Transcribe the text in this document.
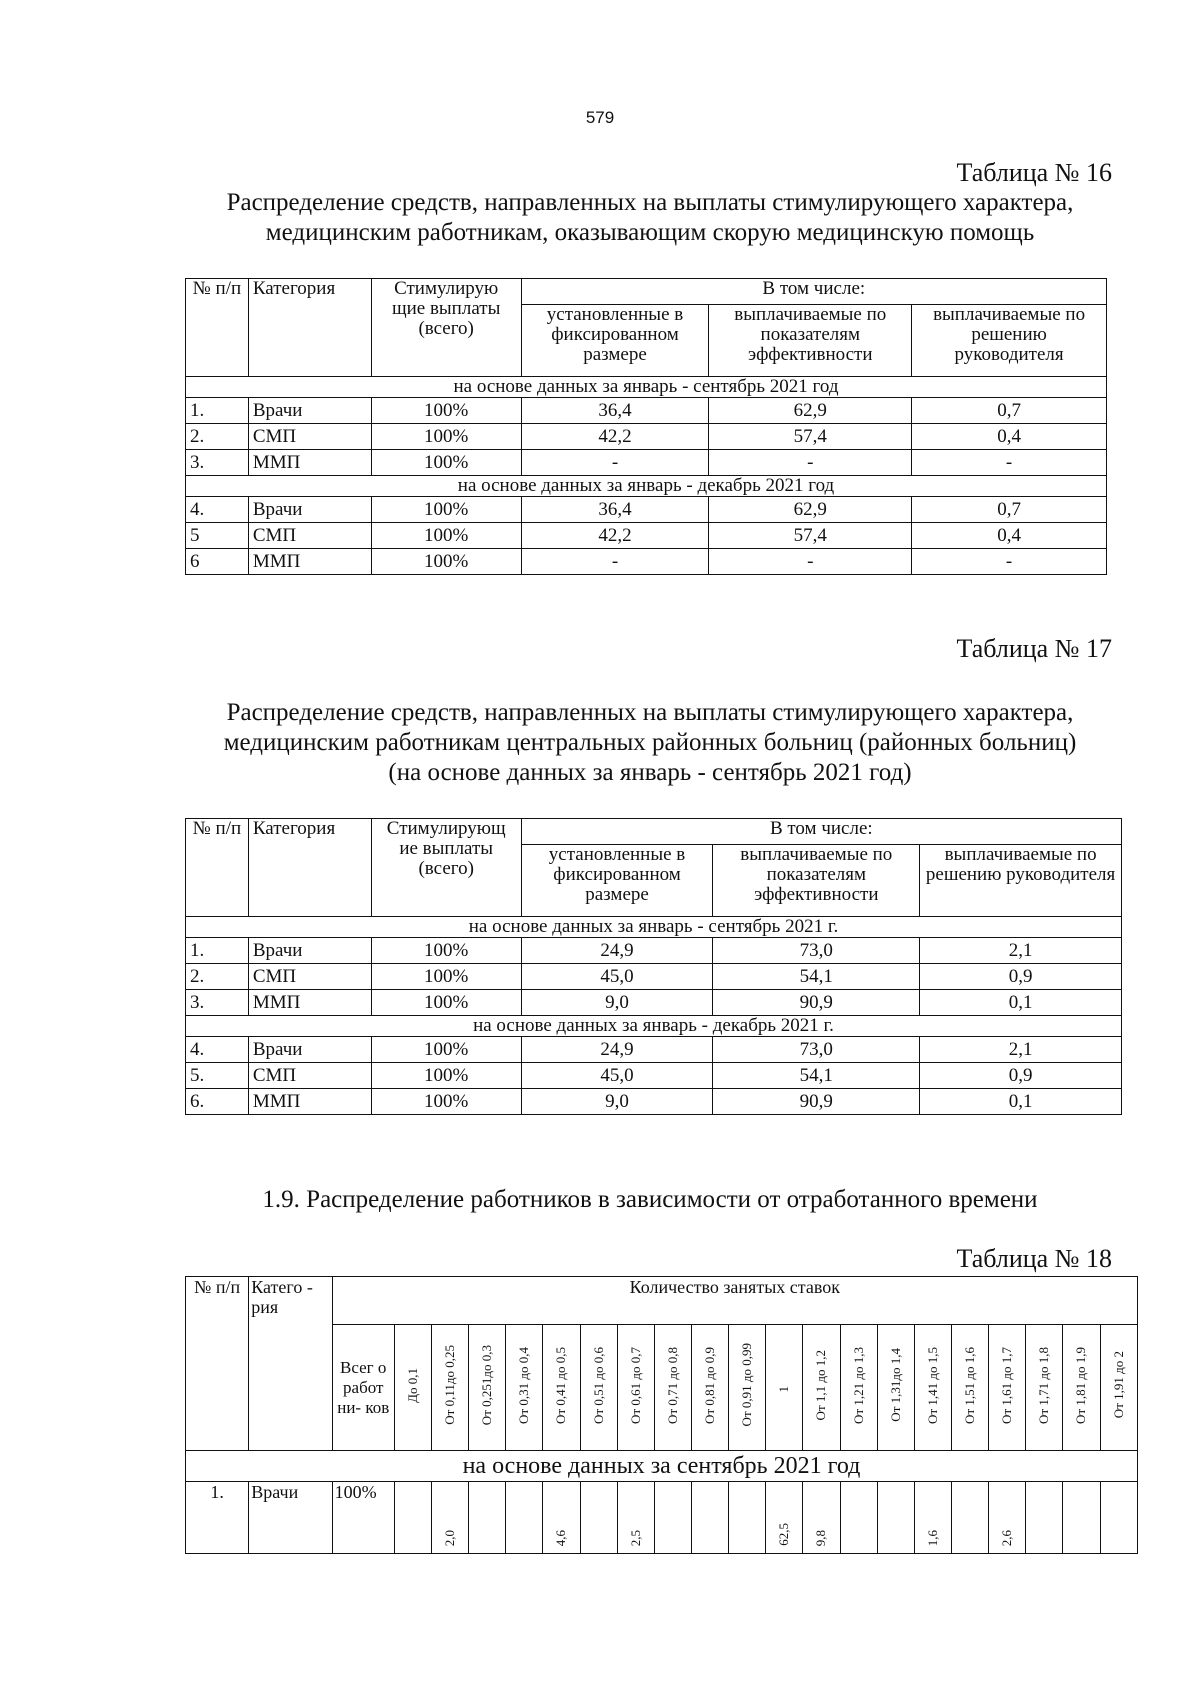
579
Таблица № 16
Распределение средств, направленных на выплаты стимулирующего характера,
медицинским работникам, оказывающим скорую медицинскую помощь
№ п/п	Категория	Стимулирую щие выплаты (всего)	В том числе:		
			установленные в фиксированном размере	выплачиваемые по показателям эффективности	выплачиваемые по решению руководителя
на основе данных за январь - сентябрь 2021 год					
1.	Врачи	100%	36,4	62,9	0,7
2.	СМП	100%	42,2	57,4	0,4
3.	ММП	100%	-	-	-
на основе данных за январь - декабрь 2021 год					
4.	Врачи	100%	36,4	62,9	0,7
5	СМП	100%	42,2	57,4	0,4
6	ММП	100%	-	-	-
Таблица № 17
Распределение средств, направленных на выплаты стимулирующего характера,
медицинским работникам центральных районных больниц (районных больниц)
(на основе данных за январь - сентябрь 2021 год)
№ п/п	Категория	Стимулирующ ие выплаты (всего)	В том числе:		
			установленные в фиксированном размере	выплачиваемые по показателям эффективности	выплачиваемые по решению руководителя
на основе данных за январь - сентябрь 2021 г.					
1.	Врачи	100%	24,9	73,0	2,1
2.	СМП	100%	45,0	54,1	0,9
3.	ММП	100%	9,0	90,9	0,1
на основе данных за январь - декабрь 2021 г.					
4.	Врачи	100%	24,9	73,0	2,1
5.	СМП	100%	45,0	54,1	0,9
6.	ММП	100%	9,0	90,9	0,1
1.9. Распределение работников в зависимости от отработанного времени
Таблица № 18
№ п/п	Катего - рия	Количество занятых ставок																				
		Всег о работ ни- ков	До 0,1	От 0,11до 0,25	От 0,251до 0,3	От 0,31 до 0,4	От 0,41 до 0,5	От 0,51 до 0,6	От 0,61 до 0,7	От 0,71 до 0,8	От 0,81 до 0,9	От 0,91 до 0,99	1	От 1,1 до 1,2	От 1,21 до 1,3	От 1,31до 1,4	От 1,41 до 1,5	От 1,51 до 1,6	От 1,61 до 1,7	От 1,71 до 1,8	От 1,81 до 1,9	От 1,91 до 2
на основе данных за сентябрь 2021 год																						
1.	Врачи	100%		2,0			4,6		2,5				62,5	9,8			1,6		2,6			
